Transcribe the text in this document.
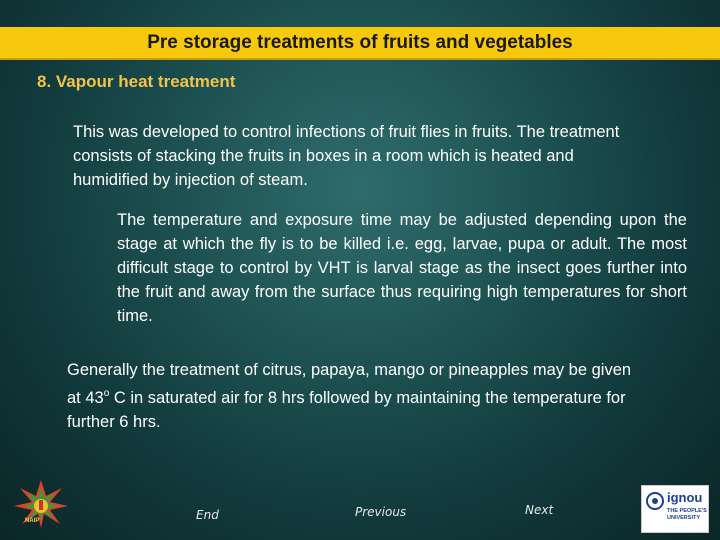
Pre storage treatments of fruits and vegetables
8. Vapour heat treatment
This was developed to control infections of fruit flies in fruits. The treatment consists of stacking the fruits in boxes in a room which is heated and humidified by injection of steam.
The temperature and exposure time may be adjusted depending upon the stage at which the fly is to be killed i.e. egg, larvae, pupa or adult. The most difficult stage to control by VHT is larval stage as the insect goes further into the fruit and away from the surface thus requiring high temperatures for short time.
Generally the treatment of citrus, papaya, mango or pineapples may be given at 43$^o$ C in saturated air for 8 hrs followed by maintaining the temperature for further 6 hrs.
NAIP	End	Previous	Next
ignou
THE PEOPLE'S UNIVERSITY
